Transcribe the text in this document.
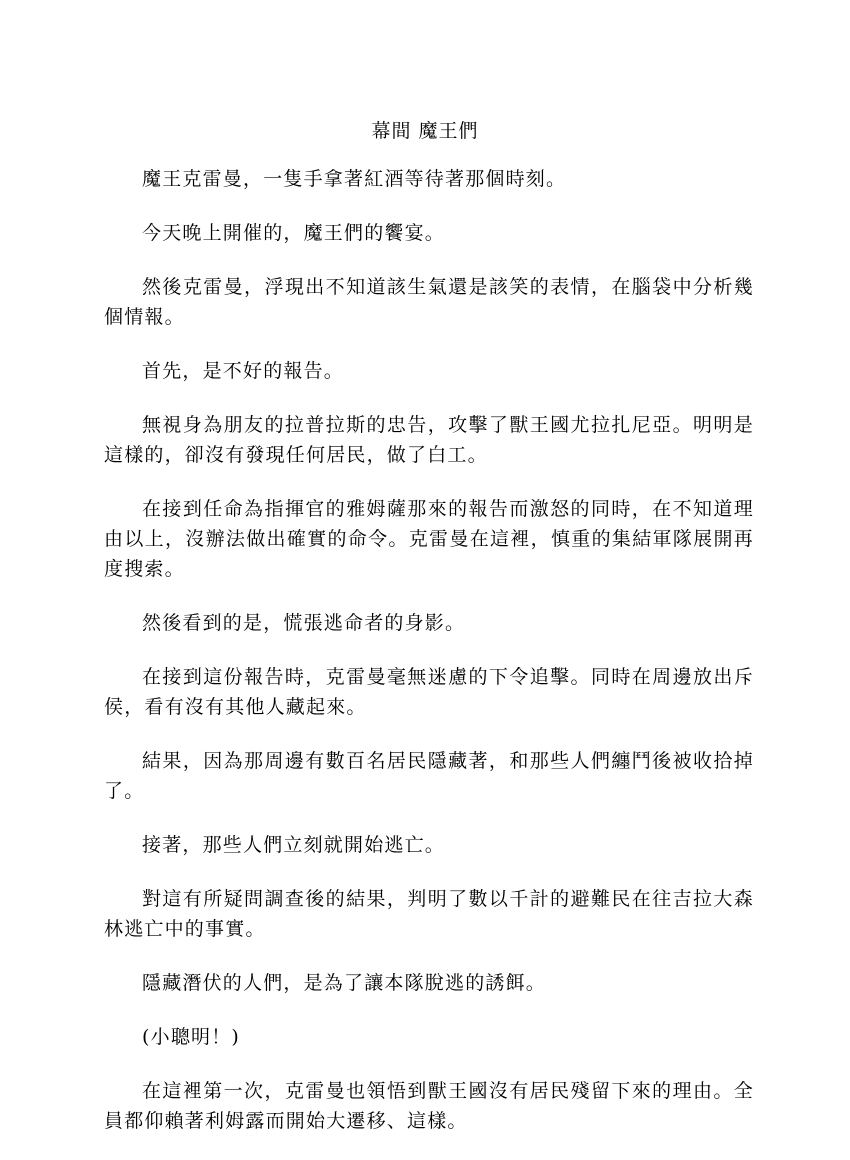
幕間 魔王們

魔王克雷曼，一隻手拿著紅酒等待著那個時刻。

今天晚上開催的，魔王們的饗宴。

然後克雷曼，浮現出不知道該生氣還是該笑的表情，在腦袋中分析幾個情報。

首先，是不好的報告。

無視身為朋友的拉普拉斯的忠告，攻擊了獸王國尤拉扎尼亞。明明是這樣的，卻沒有發現任何居民，做了白工。

在接到任命為指揮官的雅姆薩那來的報告而激怒的同時，在不知道理由以上，沒辦法做出確實的命令。克雷曼在這裡，慎重的集結軍隊展開再度搜索。

然後看到的是，慌張逃命者的身影。

在接到這份報告時，克雷曼毫無迷慮的下令追擊。同時在周邊放出斥侯，看有沒有其他人藏起來。

結果，因為那周邊有數百名居民隱藏著，和那些人們纏鬥後被收拾掉了。

接著，那些人們立刻就開始逃亡。

對這有所疑問調查後的結果，判明了數以千計的避難民在往吉拉大森林逃亡中的事實。

隱藏潛伏的人們，是為了讓本隊脫逃的誘餌。

(小聰明！)

在這裡第一次，克雷曼也領悟到獸王國沒有居民殘留下來的理由。全員都仰賴著利姆露而開始大遷移、這樣。
